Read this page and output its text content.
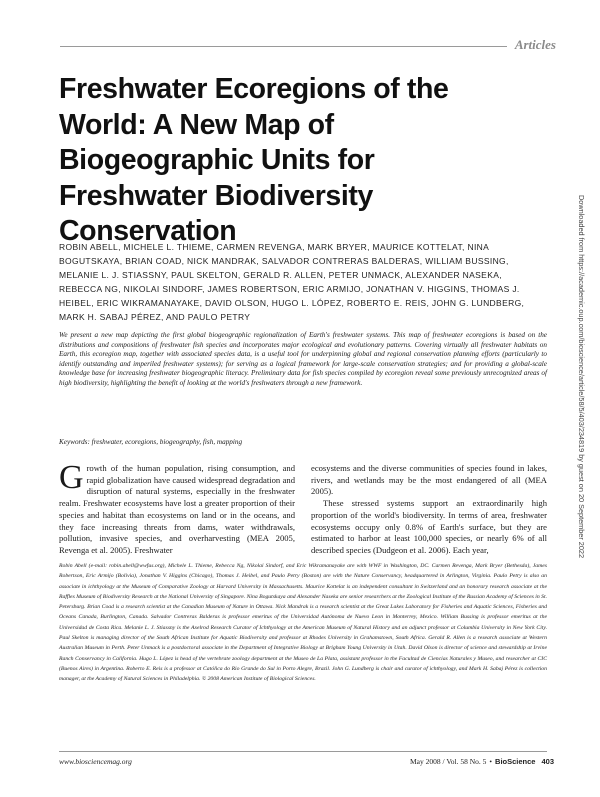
Articles
Freshwater Ecoregions of the World: A New Map of Biogeographic Units for Freshwater Biodiversity Conservation

ROBIN ABELL, MICHELE L. THIEME, CARMEN REVENGA, MARK BRYER, MAURICE KOTTELAT, NINA BOGUTSKAYA, BRIAN COAD, NICK MANDRAK, SALVADOR CONTRERAS BALDERAS, WILLIAM BUSSING, MELANIE L. J. STIASSNY, PAUL SKELTON, GERALD R. ALLEN, PETER UNMACK, ALEXANDER NASEKA, REBECCA NG, NIKOLAI SINDORF, JAMES ROBERTSON, ERIC ARMIJO, JONATHAN V. HIGGINS, THOMAS J. HEIBEL, ERIC WIKRAMANAYAKE, DAVID OLSON, HUGO L. LÓPEZ, ROBERTO E. REIS, JOHN G. LUNDBERG, MARK H. SABAJ PÉREZ, AND PAULO PETRY

We present a new map depicting the first global biogeographic regionalization of Earth's freshwater systems. This map of freshwater ecoregions is based on the distributions and compositions of freshwater fish species and incorporates major ecological and evolutionary patterns. Covering virtually all freshwater habitats on Earth, this ecoregion map, together with associated species data, is a useful tool for underpinning global and regional conservation planning efforts (particularly to identify outstanding and imperiled freshwater systems); for serving as a logical framework for large-scale conservation strategies; and for providing a global-scale knowledge base for increasing freshwater biogeographic literacy. Preliminary data for fish species compiled by ecoregion reveal some previously unrecognized areas of high biodiversity, highlighting the benefit of looking at the world's freshwaters through a new framework.

Keywords: freshwater, ecoregions, biogeography, fish, mapping

Growth of the human population, rising consumption, and rapid globalization have caused widespread degradation and disruption of natural systems, especially in the freshwater realm. Freshwater ecosystems have lost a greater proportion of their species and habitat than ecosystems on land or in the oceans, and they face increasing threats from dams, water withdrawals, pollution, invasive species, and overharvesting (MEA 2005, Revenga et al. 2005). Freshwater

ecosystems and the diverse communities of species found in lakes, rivers, and wetlands may be the most endangered of all (MEA 2005).

These stressed systems support an extraordinarily high proportion of the world's biodiversity. In terms of area, freshwater ecosystems occupy only 0.8% of Earth's surface, but they are estimated to harbor at least 100,000 species, or nearly 6% of all described species (Dudgeon et al. 2006). Each year,

Robin Abell (e-mail: robin.abell@wwfus.org), Michele L. Thieme, Rebecca Ng, Nikolai Sindorf, and Eric Wikramanayake are with WWF in Washington, DC. Carmen Revenga, Mark Bryer (Bethesda), James Robertson, Eric Armijo (Bolivia), Jonathan V. Higgins (Chicago), Thomas J. Heibel, and Paulo Petry (Boston) are with the Nature Conservancy, headquartered in Arlington, Virginia. Paulo Petry is also an associate in ichthyology at the Museum of Comparative Zoology at Harvard University in Massachusetts. Maurice Kottelat is an independent consultant in Switzerland and an honorary research associate at the Raffles Museum of Biodiversity Research at the National University of Singapore. Nina Bogutskaya and Alexander Naseka are senior researchers at the Zoological Institute of the Russian Academy of Sciences in St. Petersburg. Brian Coad is a research scientist at the Canadian Museum of Nature in Ottawa. Nick Mandrak is a research scientist at the Great Lakes Laboratory for Fisheries and Aquatic Sciences, Fisheries and Oceans Canada, Burlington, Canada. Salvador Contreras Balderas is professor emeritus of the Universidad Autónoma de Nuevo Leon in Monterrey, Mexico. William Bussing is professor emeritus at the Universidad de Costa Rica. Melanie L. J. Stiassny is the Axelrod Research Curator of Ichthyology at the American Museum of Natural History and an adjunct professor at Columbia University in New York City. Paul Skelton is managing director of the South African Institute for Aquatic Biodiversity and professor at Rhodes University in Grahamstown, South Africa. Gerald R. Allen is a research associate at Western Australian Museum in Perth. Peter Unmack is a postdoctoral associate in the Department of Integrative Biology at Brigham Young University in Utah. David Olson is director of science and stewardship at Irvine Ranch Conservancy in California. Hugo L. López is head of the vertebrate zoology department at the Museo de La Plata, assistant professor in the Facultad de Ciencias Naturales y Museo, and researcher at CIC (Buenos Aires) in Argentina. Roberto E. Reis is a professor at Católica do Rio Grande do Sul in Porto Alegre, Brazil. John G. Lundberg is chair and curator of ichthyology, and Mark H. Sabaj Pérez is collection manager, at the Academy of Natural Sciences in Philadelphia. © 2008 American Institute of Biological Sciences.

www.biosciencemag.org	May 2008 / Vol. 58 No. 5 • BioScience 403
Downloaded from https://academic.oup.com/bioscience/article/58/5/403/234819 by guest on 20 September 2022
